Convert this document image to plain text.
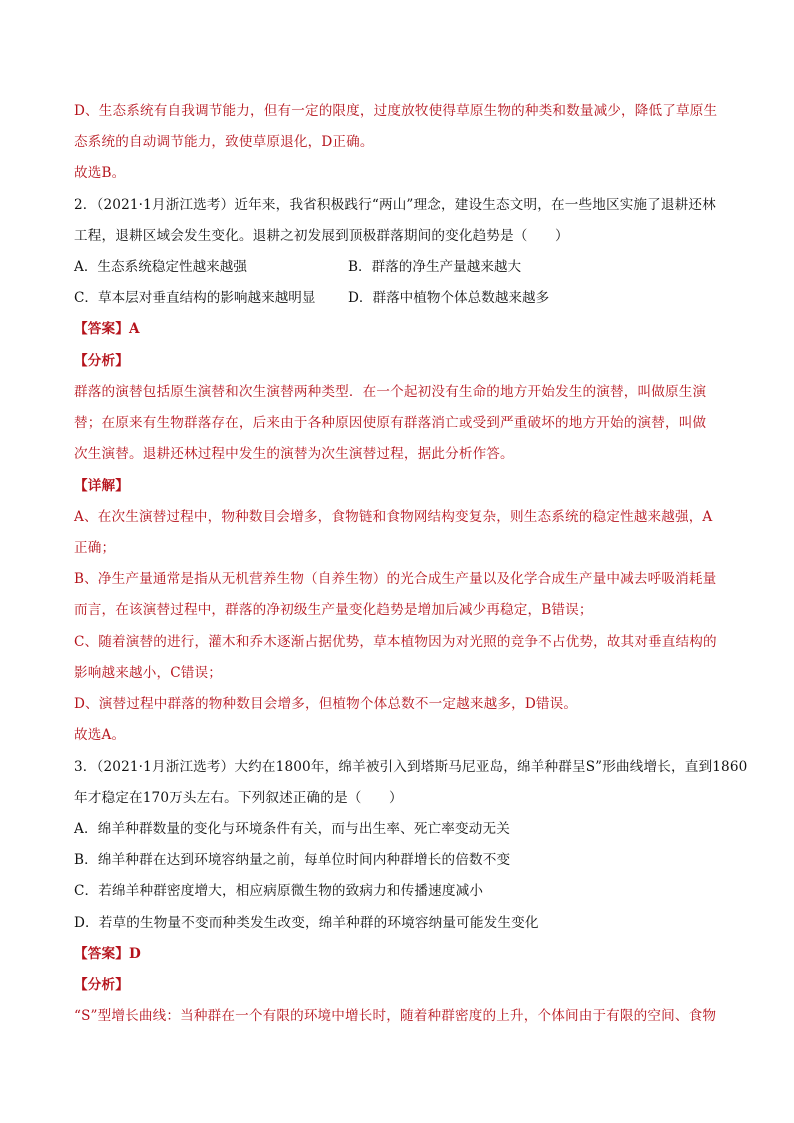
D、生态系统有自我调节能力，但有一定的限度，过度放牧使得草原生物的种类和数量减少，降低了草原生
态系统的自动调节能力，致使草原退化，D正确。
故选B。
2．（2021·1月浙江选考）近年来，我省积极践行“两山”理念，建设生态文明，在一些地区实施了退耕还林
工程，退耕区域会发生变化。退耕之初发展到顶极群落期间的变化趋势是（　　）
A．生态系统稳定性越来越强	B．群落的净生产量越来越大
C．草本层对垂直结构的影响越来越明显 D．群落中植物个体总数越来越多
【答案】A
【分析】
群落的演替包括原生演替和次生演替两种类型．在一个起初没有生命的地方开始发生的演替，叫做原生演
替；在原来有生物群落存在，后来由于各种原因使原有群落消亡或受到严重破坏的地方开始的演替，叫做
次生演替。退耕还林过程中发生的演替为次生演替过程，据此分析作答。
【详解】
A、在次生演替过程中，物种数目会增多，食物链和食物网结构变复杂，则生态系统的稳定性越来越强，A
正确；
B、净生产量通常是指从无机营养生物（自养生物）的光合成生产量以及化学合成生产量中减去呼吸消耗量
而言，在该演替过程中，群落的净初级生产量变化趋势是增加后减少再稳定，B错误；
C、随着演替的进行，灌木和乔木逐渐占据优势，草本植物因为对光照的竞争不占优势，故其对垂直结构的
影响越来越小，C错误；
D、演替过程中群落的物种数目会增多，但植物个体总数不一定越来越多，D错误。
故选A。
3．（2021·1月浙江选考）大约在1800年，绵羊被引入到塔斯马尼亚岛，绵羊种群呈S”形曲线增长，直到1860
年才稳定在170万头左右。下列叙述正确的是（　　）
A．绵羊种群数量的变化与环境条件有关，而与出生率、死亡率变动无关
B．绵羊种群在达到环境容纳量之前，每单位时间内种群增长的倍数不变
C．若绵羊种群密度增大，相应病原微生物的致病力和传播速度减小
D．若草的生物量不变而种类发生改变，绵羊种群的环境容纳量可能发生变化
【答案】D
【分析】
“S”型增长曲线：当种群在一个有限的环境中增长时，随着种群密度的上升，个体间由于有限的空间、食物
